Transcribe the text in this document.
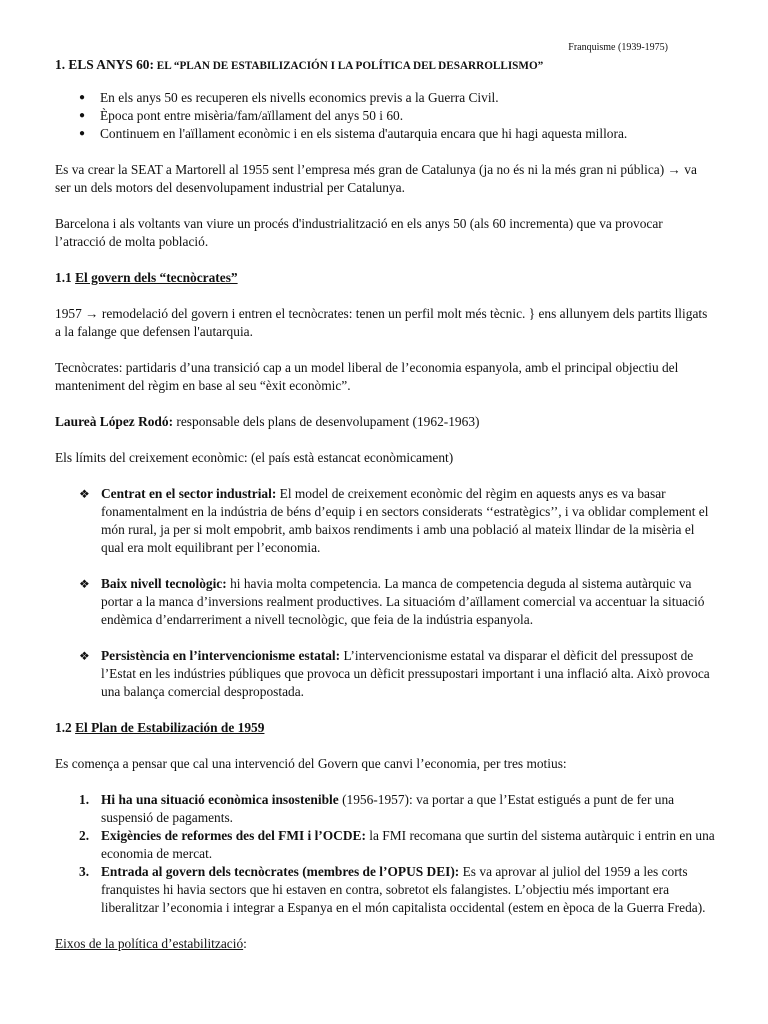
Franquisme (1939-1975)
1. ELS ANYS 60: EL “PLAN DE ESTABILIZACIÓN I LA POLÍTICA DEL DESARROLLISMO”
● En els anys 50 es recuperen els nivells economics previs a la Guerra Civil.
● Època pont entre misèria/fam/aïllament del anys 50 i 60.
● Continuem en l'aïllament econòmic i en els sistema d'autarquia encara que hi hagi aquesta millora.

Es va crear la SEAT a Martorell al 1955 sent l’empresa més gran de Catalunya (ja no és ni la més gran ni pública) → va ser un dels motors del desenvolupament industrial per Catalunya.

Barcelona i als voltants van viure un procés d'industrialització en els anys 50 (als 60 incrementa) que va provocar l’atracció de molta població.

1.1 El govern dels “tecnòcrates”

1957 → remodelació del govern i entren el tecnòcrates: tenen un perfil molt més tècnic. } ens allunyem dels partits lligats a la falange que defensen l'autarquia.

Tecnòcrates: partidaris d’una transició cap a un model liberal de l’economia espanyola, amb el principal objectiu del manteniment del règim en base al seu “èxit econòmic”.

Laureà López Rodó: responsable dels plans de desenvolupament (1962-1963)

Els límits del creixement econòmic: (el país està estancat econòmicament)

❖ Centrat en el sector industrial: El model de creixement econòmic del règim en aquests anys es va basar fonamentalment en la indústria de béns d’equip i en sectors considerats ‘‘estratègics’’, i va oblidar complement el món rural, ja per si molt empobrit, amb baixos rendiments i amb una població al mateix llindar de la misèria el qual era molt equilibrant per l’economia.
❖ Baix nivell tecnològic: hi havia molta competencia. La manca de competencia deguda al sistema autàrquic va portar a la manca d’inversions realment productives. La situacióm d’aïllament comercial va accentuar la situació endèmica d’endarreriment a nivell tecnològic, que feia de la indústria espanyola.
❖ Persistència en l’intervencionisme estatal: L’intervencionisme estatal va disparar el dèficit del pressupost de l’Estat en les indústries públiques que provoca un dèficit pressupostari important i una inflació alta. Això provoca una balança comercial despropostada.
1.2 El Plan de Estabilización de 1959

Es comença a pensar que cal una intervenció del Govern que canvi l’economia, per tres motius:

1. Hi ha una situació econòmica insostenible (1956-1957): va portar a que l’Estat estigués a punt de fer una suspensió de pagaments.
2. Exigències de reformes des del FMI i l’OCDE: la FMI recomana que surtin del sistema autàrquic i entrin en una economia de mercat.
3. Entrada al govern dels tecnòcrates (membres de l’OPUS DEI): Es va aprovar al juliol del 1959 a les corts franquistes hi havia sectors que hi estaven en contra, sobretot els falangistes. L’objectiu més important era liberalitzar l’economia i integrar a Espanya en el món capitalista occidental (estem en època de la Guerra Freda).

Eixos de la política d’estabilització:
